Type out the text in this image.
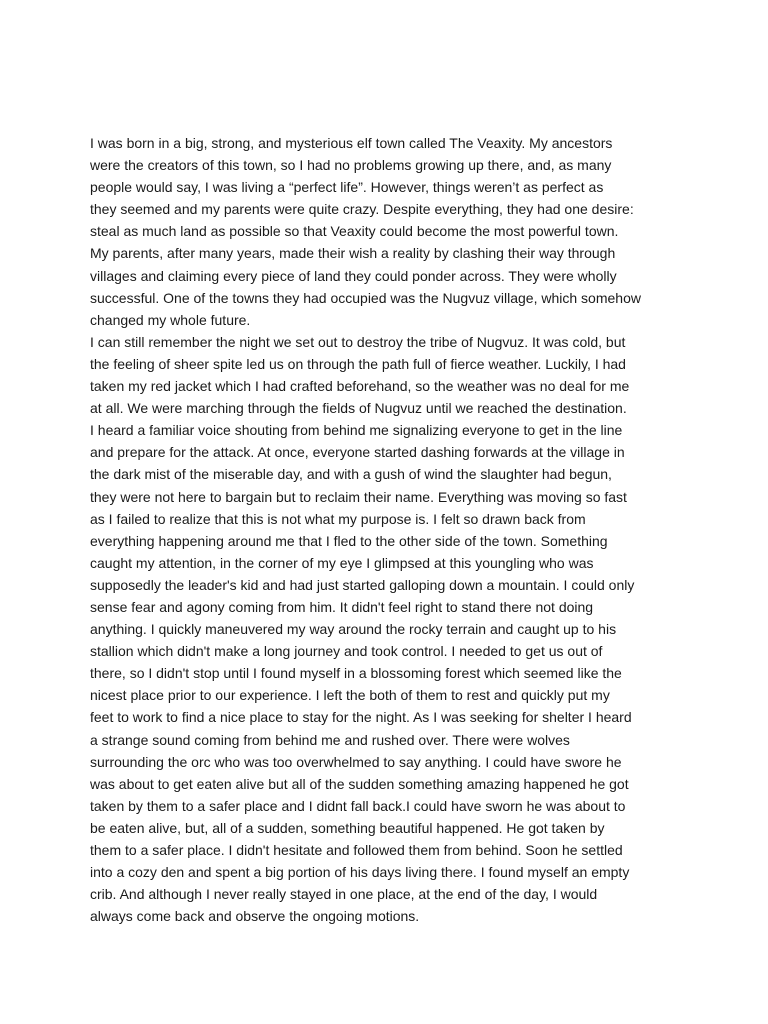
I was born in a big, strong, and mysterious elf town called The Veaxity. My ancestors
were the creators of this town, so I had no problems growing up there, and, as many
people would say, I was living a “perfect life”. However, things weren’t as perfect as
they seemed and my parents were quite crazy. Despite everything, they had one desire:
steal as much land as possible so that Veaxity could become the most powerful town.
My parents, after many years, made their wish a reality by clashing their way through
villages and claiming every piece of land they could ponder across. They were wholly
successful. One of the towns they had occupied was the Nugvuz village, which somehow
changed my whole future.
I can still remember the night we set out to destroy the tribe of Nugvuz. It was cold, but
the feeling of sheer spite led us on through the path full of fierce weather. Luckily, I had
taken my red jacket which I had crafted beforehand, so the weather was no deal for me
at all. We were marching through the fields of Nugvuz until we reached the destination.
I heard a familiar voice shouting from behind me signalizing everyone to get in the line
and prepare for the attack. At once, everyone started dashing forwards at the village in
the dark mist of the miserable day, and with a gush of wind the slaughter had begun,
they were not here to bargain but to reclaim their name. Everything was moving so fast
as I failed to realize that this is not what my purpose is. I felt so drawn back from
everything happening around me that I fled to the other side of the town. Something
caught my attention, in the corner of my eye I glimpsed at this youngling who was
supposedly the leader's kid and had just started galloping down a mountain. I could only
sense fear and agony coming from him. It didn't feel right to stand there not doing
anything. I quickly maneuvered my way around the rocky terrain and caught up to his
stallion which didn't make a long journey and took control. I needed to get us out of
there, so I didn't stop until I found myself in a blossoming forest which seemed like the
nicest place prior to our experience. I left the both of them to rest and quickly put my
feet to work to find a nice place to stay for the night. As I was seeking for shelter I heard
a strange sound coming from behind me and rushed over. There were wolves
surrounding the orc who was too overwhelmed to say anything. I could have swore he
was about to get eaten alive but all of the sudden something amazing happened he got
taken by them to a safer place and I didnt fall back.I could have sworn he was about to
be eaten alive, but, all of a sudden, something beautiful happened. He got taken by
them to a safer place. I didn't hesitate and followed them from behind. Soon he settled
into a cozy den and spent a big portion of his days living there. I found myself an empty
crib. And although I never really stayed in one place, at the end of the day, I would
always come back and observe the ongoing motions.
